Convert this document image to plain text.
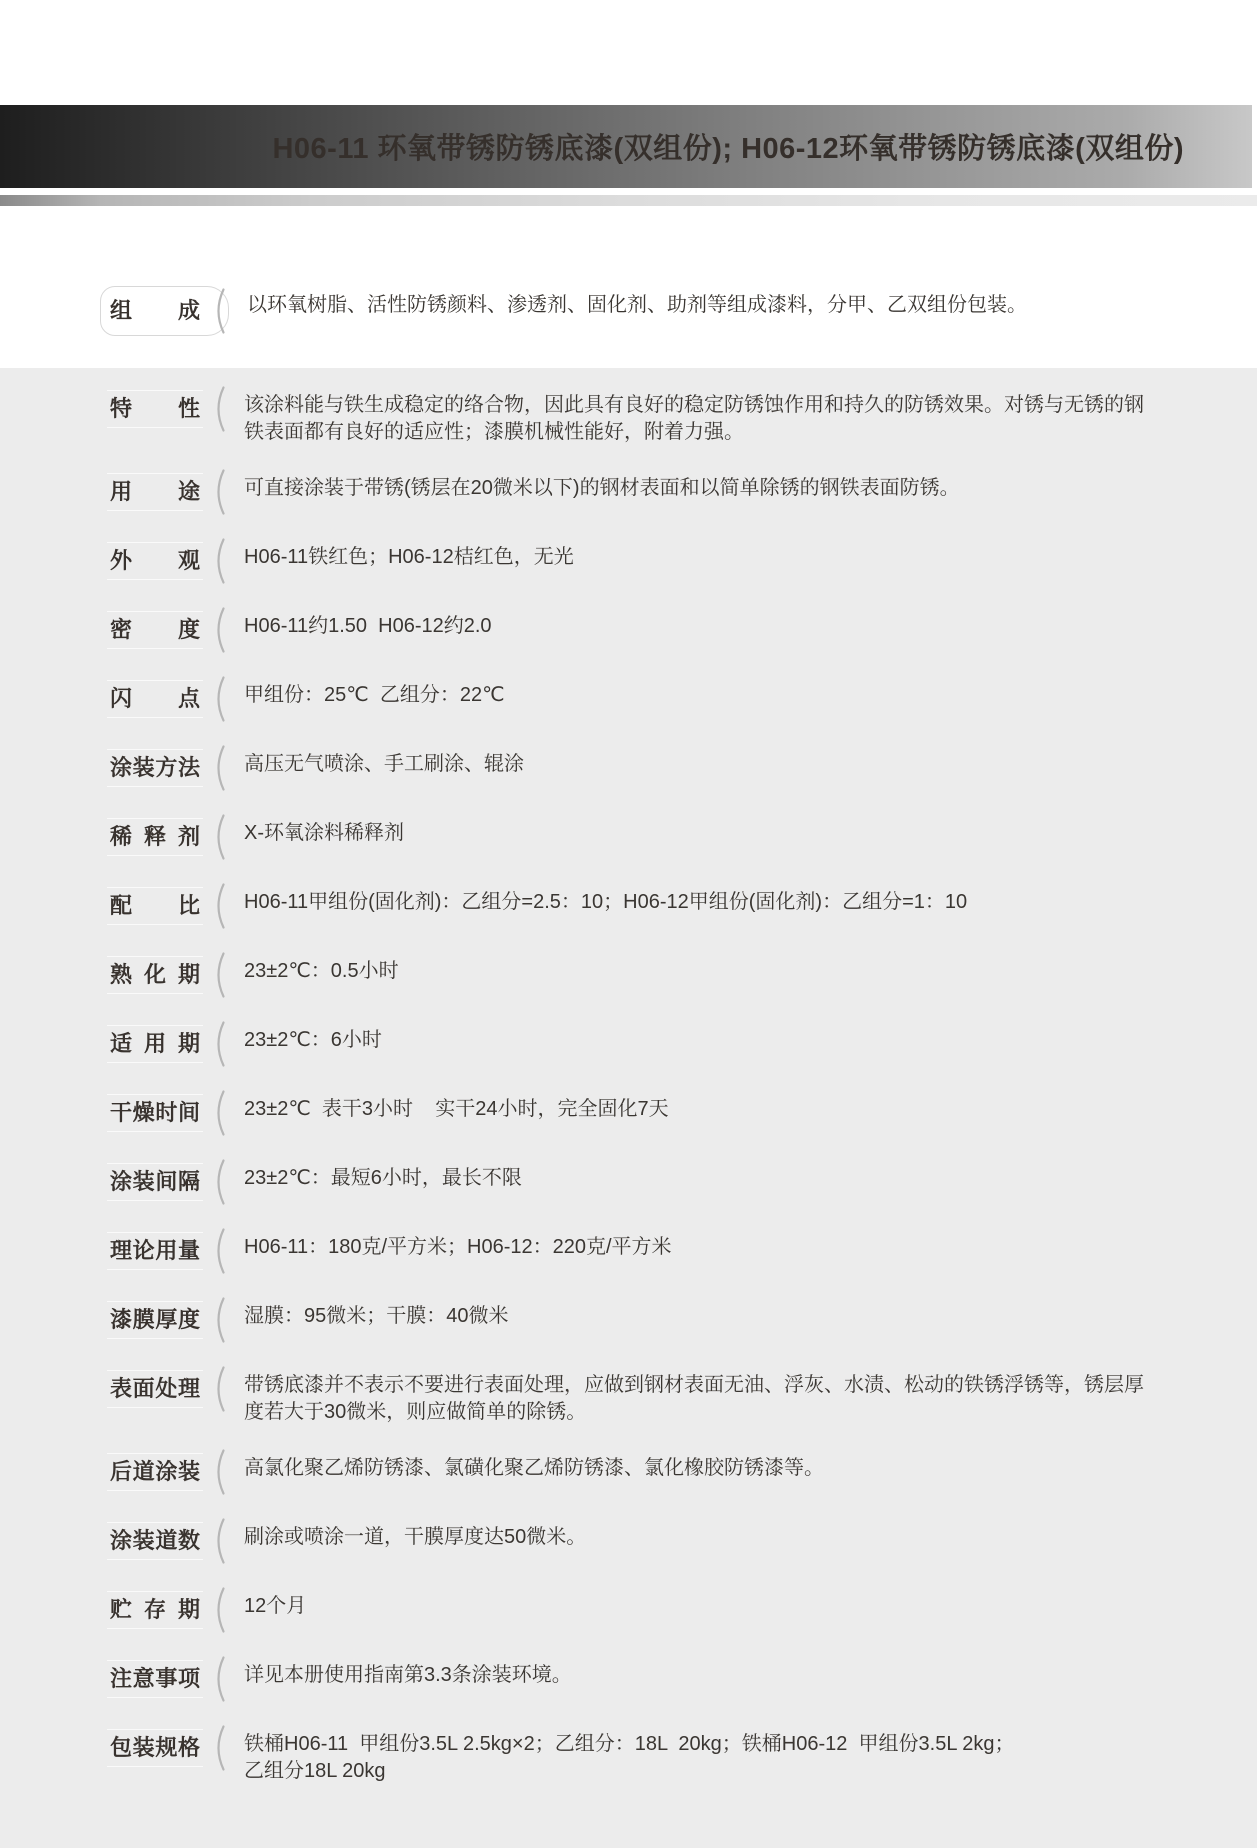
H06-11 环氧带锈防锈底漆(双组份); H06-12环氧带锈防锈底漆(双组份)
组成 以环氧树脂、活性防锈颜料、渗透剂、固化剂、助剂等组成漆料，分甲、乙双组份包装。
特性 该涂料能与铁生成稳定的络合物，因此具有良好的稳定防锈蚀作用和持久的防锈效果。对锈与无锈的钢铁表面都有良好的适应性；漆膜机械性能好，附着力强。
用途 可直接涂装于带锈(锈层在20微米以下)的钢材表面和以简单除锈的钢铁表面防锈。
外观 H06-11铁红色；H06-12桔红色，无光
密度 H06-11约1.50  H06-12约2.0
闪点 甲组份：25℃  乙组分：22℃
涂装方法 高压无气喷涂、手工刷涂、辊涂
稀释剂 X-环氧涂料稀释剂
配比 H06-11甲组份(固化剂)：乙组分=2.5：10；H06-12甲组份(固化剂)：乙组分=1：10
熟化期 23±2℃：0.5小时
适用期 23±2℃：6小时
干燥时间 23±2℃  表干3小时    实干24小时，完全固化7天
涂装间隔 23±2℃：最短6小时，最长不限
理论用量 H06-11：180克/平方米；H06-12：220克/平方米
漆膜厚度 湿膜：95微米；干膜：40微米
表面处理 带锈底漆并不表示不要进行表面处理，应做到钢材表面无油、浮灰、水渍、松动的铁锈浮锈等，锈层厚度若大于30微米，则应做简单的除锈。
后道涂装 高氯化聚乙烯防锈漆、氯磺化聚乙烯防锈漆、氯化橡胶防锈漆等。
涂装道数 刷涂或喷涂一道，干膜厚度达50微米。
贮存期 12个月
注意事项 详见本册使用指南第3.3条涂装环境。
包装规格 铁桶H06-11  甲组份3.5L 2.5kg×2；乙组分：18L  20kg；铁桶H06-12  甲组份3.5L 2kg；
乙组分18L 20kg
